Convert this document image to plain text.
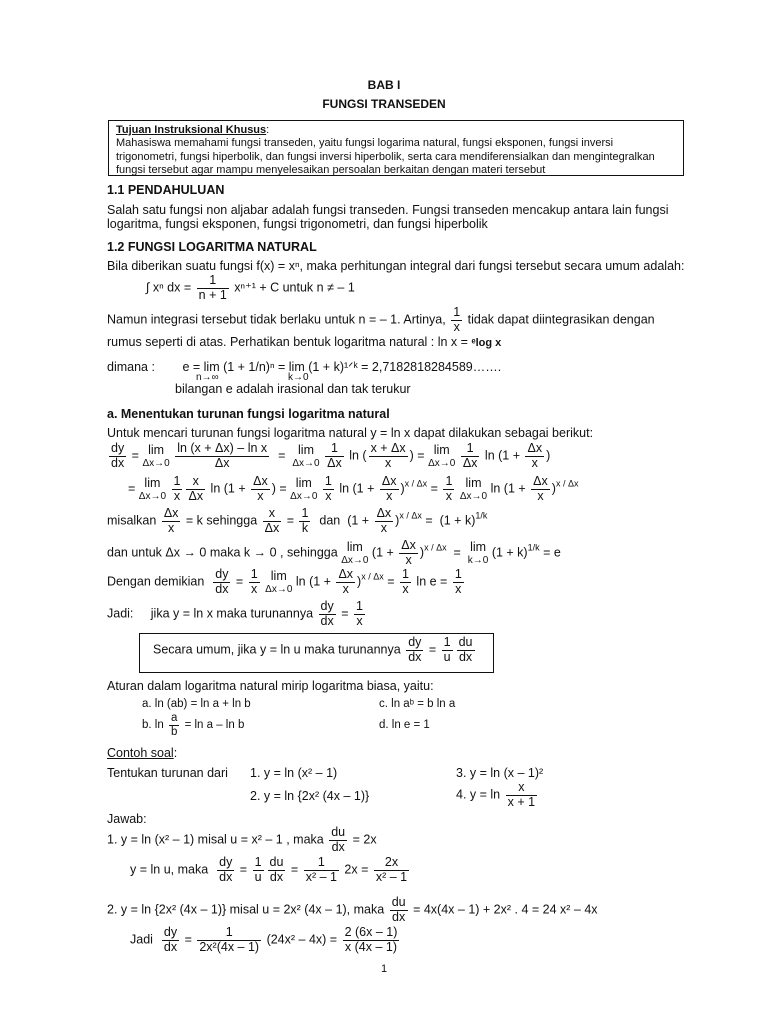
BAB I
FUNGSI TRANSEDEN
Tujuan Instruksional Khusus:
Mahasiswa memahami fungsi transeden, yaitu fungsi logarima natural, fungsi eksponen, fungsi inversi
trigonometri, fungsi hiperbolik, dan fungsi inversi hiperbolik, serta cara mendiferensialkan dan mengintegralkan
fungsi tersebut agar mampu menyelesaikan persoalan berkaitan dengan materi tersebut
1.1 PENDAHULUAN
Salah satu fungsi non aljabar adalah fungsi transeden. Fungsi transeden mencakup antara lain fungsi
logaritma, fungsi eksponen, fungsi trigonometri, dan fungsi hiperbolik
1.2 FUNGSI LOGARITMA NATURAL
Bila diberikan suatu fungsi f(x) = xⁿ, maka perhitungan integral dari fungsi tersebut secara umum adalah:
∫ xⁿ dx = $\frac{1}{n + 1} x^{n+1} + C$ untuk n ≠ – 1
Namun integrasi tersebut tidak berlaku untuk n = – 1. Artinya, $\frac{1}{x}$ tidak dapat diintegrasikan dengan
rumus seperti di atas. Perhatikan bentuk logaritma natural : ln x = ᵉlog x
dimana : e = lim (1 + 1/n)ⁿ = lim (1 + k)¹ᐟᵏ = 2,7182818284589…….
n→∞	k→0
bilangan e adalah irasional dan tak terukur
a. Menentukan turunan fungsi logaritma natural
Untuk mencari turunan fungsi logaritma natural y = ln x dapat dilakukan sebagai berikut:
$\frac{dy}{dx} = \lim$
Δx→0
$\frac{\text{ln (x + Δx) – ln x}}{\Delta x} = \lim$
Δx→0
$\frac{1}{\Delta x}$ ln ( $\frac{x + \Delta x}{x}$ ) = lim
Δx→0
$\frac{1}{\Delta x}$ $\ln (1 + \frac{\Delta x}{x}$ )
= lim
Δx→0
$\frac{1}{x} \frac{x}{\Delta x}$ $\ln (1 + \frac{\Delta x}{x}$ ) = lim
Δx→0
$\frac{1}{x}$ $\ln (1 + \frac{\Delta x}{x} )^{x / \Delta x} = \frac{1}{x}$
lim
Δx→0
$\ln (1 + \frac{\Delta x}{x} )^{x / \Delta x}$
misalkan $\frac{\Delta x}{x} = k$ sehingga $\frac{x}{\Delta x} = \frac{1}{k}$ dan  $(1 + \frac{\Delta x}{x} )^{x / \Delta x} = (1 + k)^{1/k}$
dan untuk Δx → 0 maka k → 0 , sehingga lim
Δx→0
$(1 + \frac{\Delta x}{x} )^{x / \Delta x} = \lim$
k→0
$(1 + k)^{1/k} = e$
Dengan demikian $\frac{dy}{dx} = \frac{1}{x}$
lim
Δx→0
$\ln (1 + \frac{\Delta x}{x} )^{x / \Delta x} = \frac{1}{x}$ $\ln e = \frac{1}{x}$
Jadi: jika y = ln x maka turunannya $\frac{dy}{dx} = \frac{1}{x}$
Secara umum, jika y = ln u maka turunannya $\frac{dy}{dx} = \frac{1}{u} \frac{du}{dx}$
Aturan dalam logaritma natural mirip logaritma biasa, yaitu:
a. ln (ab) = ln a + ln b	c. ln aᵇ = b ln a
b. $\ln \frac{a}{b} = \ln a - \ln b$	d. ln e = 1
Contoh soal:
Tentukan turunan dari 1. y = ln (x² – 1)	3. y = ln (x – 1)²
2. y = ln {2x² (4x – 1)}	4. $y = \ln \frac{x}{x + 1}$
Jawab:
1. y = ln (x² – 1) misal u = x² – 1 , maka $\frac{du}{dx} = 2x$
y = ln u, maka $\frac{dy}{dx} = \frac{1}{u} \frac{du}{dx} = \frac{1}{\text{x² – 1}} 2x = \frac{2x}{\text{x² – 1}}$
2. y = ln {2x² (4x – 1)} misal u = 2x² (4x – 1), maka $\frac{du}{dx} = 4x(4x - 1) + 2x^2$ . 4 = 24 x² – 4x
Jadi $\frac{dy}{dx} = \frac{1}{\text{2x²(4x – 1)}} (24x^2 - 4x) = \frac{2 (6x - 1)}{x (4x - 1)}$
1
